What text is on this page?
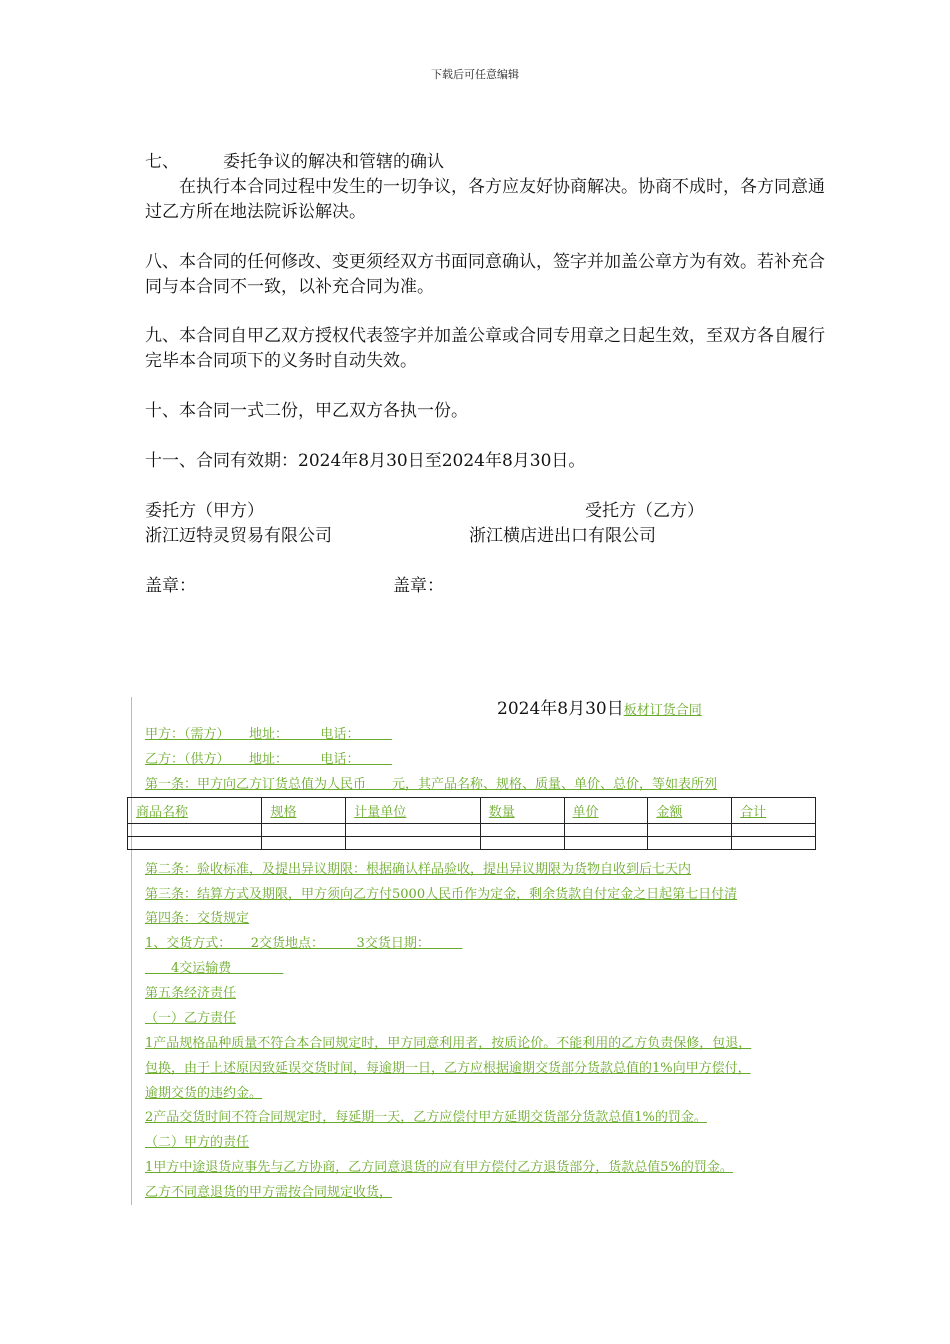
下载后可任意编辑
七、	委托争议的解决和管辖的确认
在执行本合同过程中发生的一切争议，各方应友好协商解决。协商不成时，各方同意通过乙方所在地法院诉讼解决。
八、本合同的任何修改、变更须经双方书面同意确认，签字并加盖公章方为有效。若补充合同与本合同不一致，以补充合同为准。
九、本合同自甲乙双方授权代表签字并加盖公章或合同专用章之日起生效，至双方各自履行完毕本合同项下的义务时自动失效。
十、本合同一式二份，甲乙双方各执一份。
十一、合同有效期：2024年8月30日至2024年8月30日。
委托方（甲方）	受托方（乙方）
浙江迈特灵贸易有限公司	浙江横店进出口有限公司
盖章：	盖章：
2024年8月30日板材订货合同
甲方：（需方）　　地址：　　　电话：　　　
乙方：（供方）　　地址：　　　电话：　　　
第一条：甲方向乙方订货总值为人民币　　元，其产品名称、规格、质量、单价、总价，等如表所列
商品名称	规格	计量单位	数量	单价	金额	合计

第二条：验收标准，及提出异议期限：根据确认样品验收，提出异议期限为货物自收到后七天内
第三条：结算方式及期限，甲方须向乙方付5000人民币作为定金，剩余货款自付定金之日起第七日付清
第四条：交货规定
1、交货方式：　　2交货地点：　　　3交货日期：　　　
　　4交运输费　　　　
第五条经济责任
（一）乙方责任
1产品规格品种质量不符合本合同规定时，甲方同意利用者，按质论价。不能利用的乙方负责保修，包退，
包换，由于上述原因致延误交货时间，每逾期一日，乙方应根据逾期交货部分货款总值的1%向甲方偿付，
逾期交货的违约金。
2产品交货时间不符合同规定时，每延期一天，乙方应偿付甲方延期交货部分货款总值1%的罚金。
（二）甲方的责任
1甲方中途退货应事先与乙方协商，乙方同意退货的应有甲方偿付乙方退货部分，货款总值5%的罚金。
乙方不同意退货的甲方需按合同规定收货，
